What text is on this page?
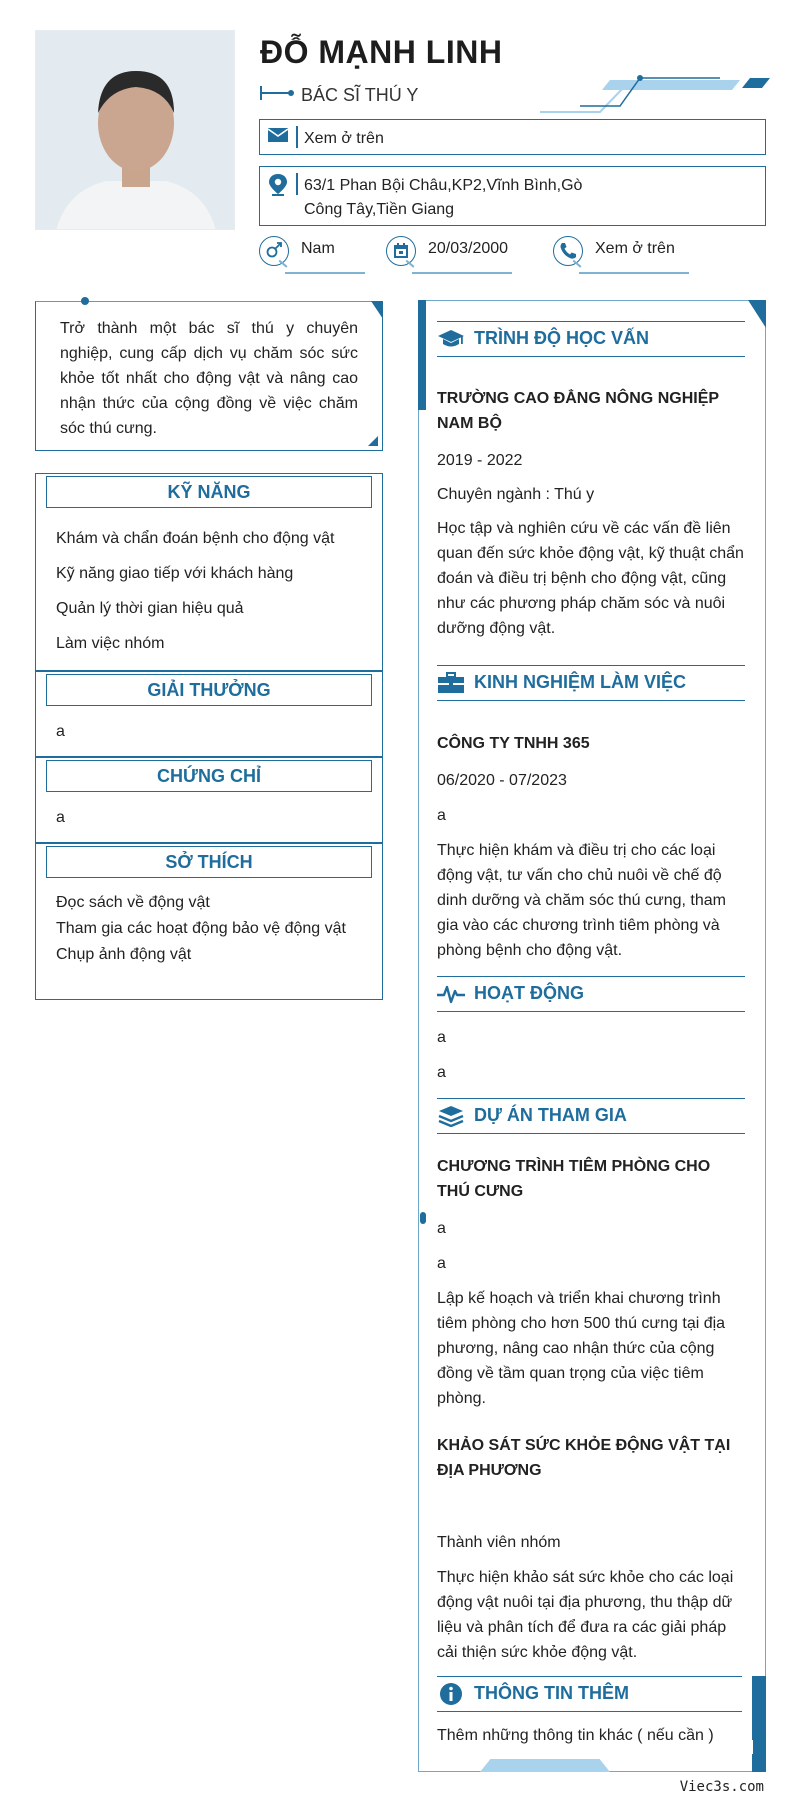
ĐỖ MẠNH LINH
BÁC SĨ THÚ Y
Xem ở trên
63/1 Phan Bội Châu,KP2,Vĩnh Bình,Gò Công Tây,Tiền Giang
Nam	20/03/2000	Xem ở trên
Trở thành một bác sĩ thú y chuyên nghiệp, cung cấp dịch vụ chăm sóc sức khỏe tốt nhất cho động vật và nâng cao nhận thức của cộng đồng về việc chăm sóc thú cưng.
KỸ NĂNG
Khám và chẩn đoán bệnh cho động vật
Kỹ năng giao tiếp với khách hàng
Quản lý thời gian hiệu quả
Làm việc nhóm
GIẢI THƯỞNG
a
CHỨNG CHỈ
a
SỞ THÍCH
Đọc sách về động vật
Tham gia các hoạt động bảo vệ động vật
Chụp ảnh động vật
TRÌNH ĐỘ HỌC VẤN
TRƯỜNG CAO ĐẲNG NÔNG NGHIỆP NAM BỘ
2019 - 2022
Chuyên ngành : Thú y
Học tập và nghiên cứu về các vấn đề liên quan đến sức khỏe động vật, kỹ thuật chẩn đoán và điều trị bệnh cho động vật, cũng như các phương pháp chăm sóc và nuôi dưỡng động vật.
KINH NGHIỆM LÀM VIỆC
CÔNG TY TNHH 365
06/2020 - 07/2023
a
Thực hiện khám và điều trị cho các loại động vật, tư vấn cho chủ nuôi về chế độ dinh dưỡng và chăm sóc thú cưng, tham gia vào các chương trình tiêm phòng và phòng bệnh cho động vật.
HOẠT ĐỘNG
a
a
DỰ ÁN THAM GIA
CHƯƠNG TRÌNH TIÊM PHÒNG CHO THÚ CƯNG
a
a
Lập kế hoạch và triển khai chương trình tiêm phòng cho hơn 500 thú cưng tại địa phương, nâng cao nhận thức của cộng đồng về tầm quan trọng của việc tiêm phòng.
KHẢO SÁT SỨC KHỎE ĐỘNG VẬT TẠI ĐỊA PHƯƠNG
Thành viên nhóm
Thực hiện khảo sát sức khỏe cho các loại động vật nuôi tại địa phương, thu thập dữ liệu và phân tích để đưa ra các giải pháp cải thiện sức khỏe động vật.
THÔNG TIN THÊM
Thêm những thông tin khác ( nếu cần )
Viec3s.com
